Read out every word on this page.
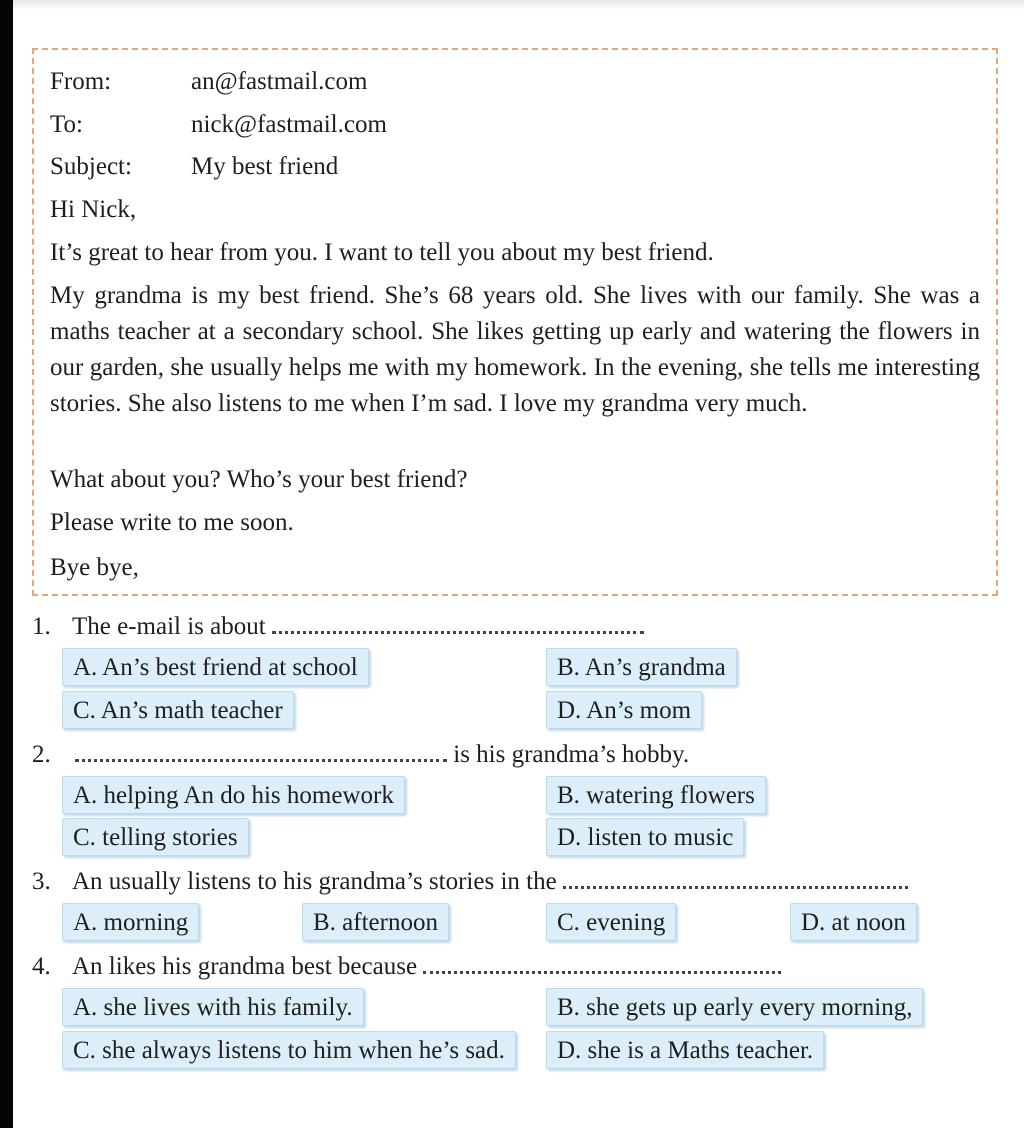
From:	an@fastmail.com
To:	nick@fastmail.com
Subject: My best friend
Hi Nick,
It’s great to hear from you. I want to tell you about my best friend.
My grandma is my best friend. She’s 68 years old. She lives with our family. She was a maths teacher at a secondary school. She likes getting up early and watering the flowers in our garden, she usually helps me with my homework. In the evening, she tells me interesting stories. She also listens to me when I’m sad. I love my grandma very much.
What about you? Who’s your best friend?
Please write to me soon.
Bye bye,
1. The e-mail is about
A. An’s best friend at school	B. An’s grandma
C. An’s math teacher	D. An’s mom
2.	is his grandma’s hobby.
A. helping An do his homework	B. watering flowers
C. telling stories	D. listen to music
3. An usually listens to his grandma’s stories in the
A. morning	B. afternoon	C. evening	D. at noon
4. An likes his grandma best because
A. she lives with his family.	B. she gets up early every morning,
C. she always listens to him when he’s sad.	D. she is a Maths teacher.
